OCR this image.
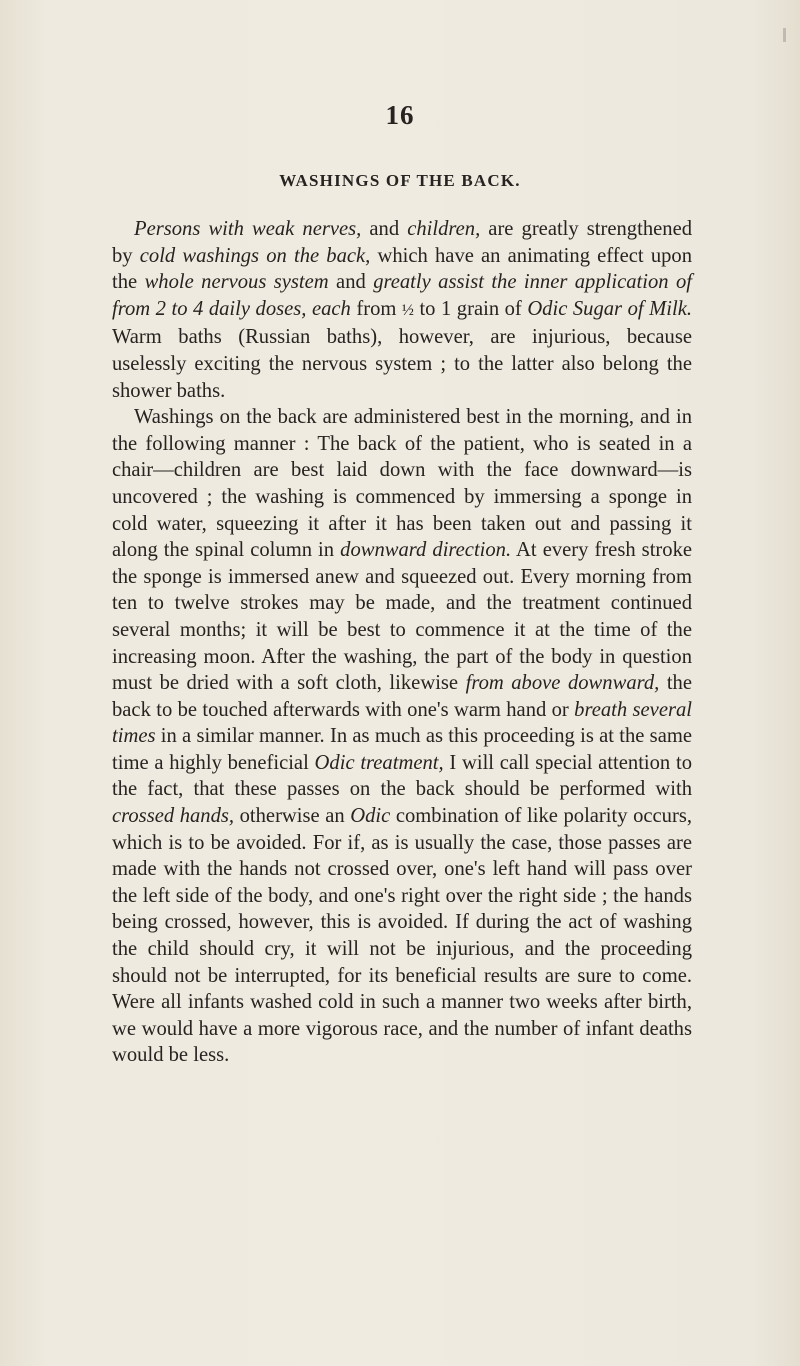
16
WASHINGS OF THE BACK.

Persons with weak nerves, and children, are greatly strengthened by cold washings on the back, which have an animating effect upon the whole nervous system and greatly assist the inner application of from 2 to 4 daily doses, each from ½ to 1 grain of Odic Sugar of Milk. Warm baths (Russian baths), however, are injurious, because uselessly exciting the nervous system ; to the latter also belong the shower baths.

Washings on the back are administered best in the morning, and in the following manner : The back of the patient, who is seated in a chair—children are best laid down with the face downward—is uncovered ; the washing is commenced by immersing a sponge in cold water, squeezing it after it has been taken out and passing it along the spinal column in downward direction. At every fresh stroke the sponge is immersed anew and squeezed out. Every morning from ten to twelve strokes may be made, and the treatment continued several months; it will be best to commence it at the time of the increasing moon. After the washing, the part of the body in question must be dried with a soft cloth, likewise from above downward, the back to be touched afterwards with one's warm hand or breath several times in a similar manner. In as much as this proceeding is at the same time a highly beneficial Odic treatment, I will call special attention to the fact, that these passes on the back should be performed with crossed hands, otherwise an Odic combination of like polarity occurs, which is to be avoided. For if, as is usually the case, those passes are made with the hands not crossed over, one's left hand will pass over the left side of the body, and one's right over the right side ; the hands being crossed, however, this is avoided. If during the act of washing the child should cry, it will not be injurious, and the proceeding should not be interrupted, for its beneficial results are sure to come. Were all infants washed cold in such a manner two weeks after birth, we would have a more vigorous race, and the number of infant deaths would be less.
